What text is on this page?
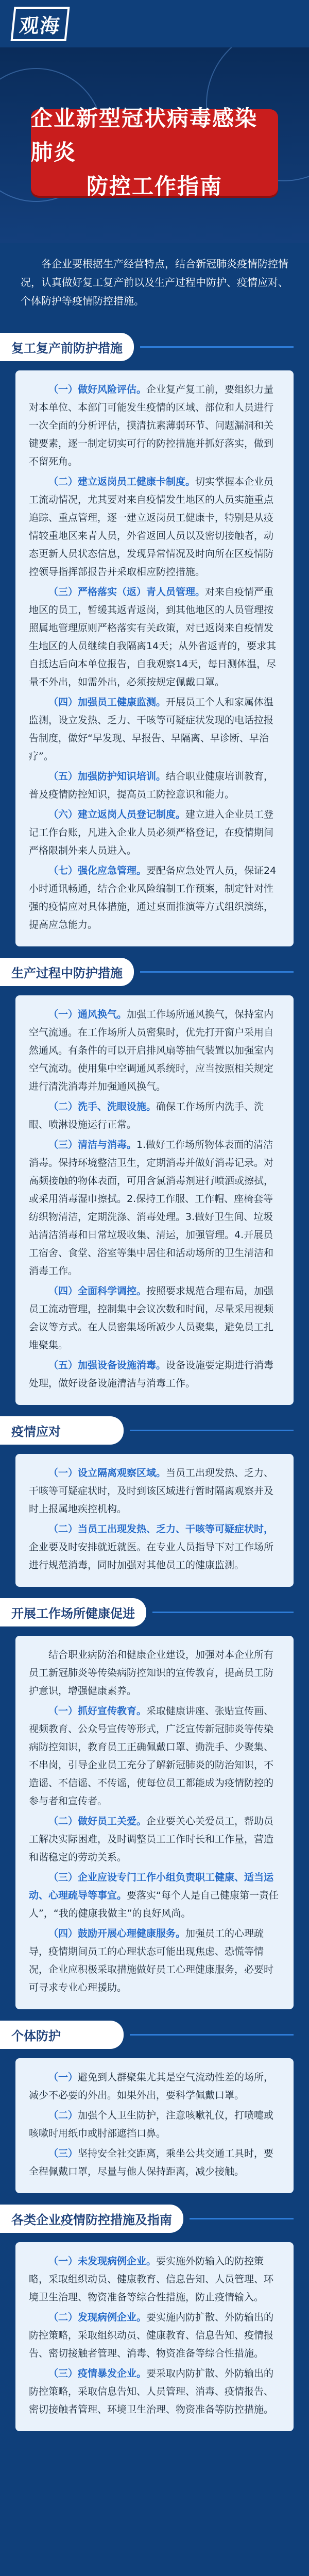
观海
企业新型冠状病毒感染肺炎
防控工作指南
各企业要根据生产经营特点，结合新冠肺炎疫情防控情况，认真做好复工复产前以及生产过程中防护、疫情应对、个体防护等疫情防控措施。
复工复产前防护措施

（一）做好风险评估。企业复产复工前，要组织力量对本单位、本部门可能发生疫情的区域、部位和人员进行一次全面的分析评估，摸清抗素薄弱环节、问题漏洞和关键要素，逐一制定切实可行的防控措施并抓好落实，做到不留死角。

（二）建立返岗员工健康卡制度。切实掌握本企业员工流动情况，尤其要对来自疫情发生地区的人员实施重点追踪、重点管理，逐一建立返岗员工健康卡，特别是从疫情较重地区来青人员，外省返回人员以及密切接触者，动态更新人员状态信息，发现异常情况及时向所在区疫情防控领导指挥部报告并采取相应防控措施。

（三）严格落实（返）青人员管理。对来自疫情严重地区的员工，暂缓其返青返岗，到其他地区的人员管理按照属地管理原则严格落实有关政策，对已返岗来自疫情发生地区的人员继续自我隔离14天；从外省返青的，要求其自抵达后向本单位报告，自我观察14天，每日测体温，尽量不外出，如需外出，必须按规定佩戴口罩。

（四）加强员工健康监测。开展员工个人和家属体温监测，设立发热、乏力、干咳等可疑症状发现的电话拉报告制度，做好“早发现、早报告、早隔离、早诊断、早治疗”。

（五）加强防护知识培训。结合职业健康培训教育，普及疫情防控知识，提高员工防控意识和能力。

（六）建立返岗人员登记制度。建立进入企业员工登记工作台账，凡进入企业人员必须严格登记，在疫情期间严格限制外来人员进入。

（七）强化应急管理。要配备应急处置人员，保证24小时通讯畅通，结合企业风险编制工作预案，制定针对性强的疫情应对具体措施，通过桌面推演等方式组织演练，提高应急能力。

生产过程中防护措施

（一）通风换气。加强工作场所通风换气，保持室内空气流通。在工作场所人员密集时，优先打开窗户采用自然通风。有条件的可以开启排风扇等抽气装置以加强室内空气流动。使用集中空调通风系统时，应当按照相关规定进行清洗消毒并加强通风换气。

（二）洗手、洗眼设施。确保工作场所内洗手、洗眼、喷淋设施运行正常。

（三）清洁与消毒。1.做好工作场所物体表面的清洁消毒。保持环境整洁卫生，定期消毒并做好消毒记录。对高频接触的物体表面，可用含氯消毒剂进行喷洒或擦拭，或采用消毒湿巾擦拭。2.保持工作服、工作帽、座椅套等纺织物清洁，定期洗涤、消毒处理。3.做好卫生间、垃圾站清洁消毒和日常垃圾收集、清运，加强管理。4.开展员工宿舍、食堂、浴室等集中居住和活动场所的卫生清洁和消毒工作。

（四）全面科学调控。按照要求规范合理布局，加强员工流动管理，控制集中会议次数和时间，尽量采用视频会议等方式。在人员密集场所减少人员聚集，避免员工扎堆聚集。

（五）加强设备设施消毒。设备设施要定期进行消毒处理，做好设备设施清洁与消毒工作。

疫情应对

（一）设立隔离观察区域。当员工出现发热、乏力、干咳等可疑症状时，及时到该区域进行暂时隔离观察并及时上报属地疾控机构。

（二）当员工出现发热、乏力、干咳等可疑症状时，企业要及时安排就近就医。在专业人员指导下对工作场所进行规范消毒，同时加强对其他员工的健康监测。

开展工作场所健康促进

结合职业病防治和健康企业建设，加强对本企业所有员工新冠肺炎等传染病防控知识的宣传教育，提高员工防护意识，增强健康素养。

（一）抓好宣传教育。采取健康讲座、张贴宣传画、视频教育、公众号宣传等形式，广泛宣传新冠肺炎等传染病防控知识，教育员工正确佩戴口罩、勤洗手、少聚集、不串岗，引导企业员工充分了解新冠肺炎的防治知识，不造谣、不信谣、不传谣，使每位员工都能成为疫情防控的参与者和宣传者。

（二）做好员工关爱。企业要关心关爱员工，帮助员工解决实际困难，及时调整员工工作时长和工作量，营造和谐稳定的劳动关系。

（三）企业应设专门工作小组负责职工健康、适当运动、心理疏导等事宜。要落实“每个人是自己健康第一责任人”，“我的健康我做主”的良好风尚。

（四）鼓励开展心理健康服务。加强员工的心理疏导，疫情期间员工的心理状态可能出现焦虑、恐慌等情况，企业应积极采取措施做好员工心理健康服务，必要时可寻求专业心理援助。

个体防护

（一）避免到人群聚集尤其是空气流动性差的场所，减少不必要的外出。如果外出，要科学佩戴口罩。

（二）加强个人卫生防护，注意咳嗽礼仪，打喷嚏或咳嗽时用纸巾或肘部遮挡口鼻。

（三）坚持安全社交距离，乘坐公共交通工具时，要全程佩戴口罩，尽量与他人保持距离，减少接触。

各类企业疫情防控措施及指南

（一）未发现病例企业。要实施外防输入的防控策略，采取组织动员、健康教育、信息告知、人员管理、环境卫生治理、物资准备等综合性措施，防止疫情输入。

（二）发现病例企业。要实施内防扩散、外防输出的防控策略，采取组织动员、健康教育、信息告知、疫情报告、密切接触者管理、消毒、物资准备等综合性措施。

（三）疫情暴发企业。要采取内防扩散、外防输出的防控策略，采取信息告知、人员管理、消毒、疫情报告、密切接触者管理、环境卫生治理、物资准备等防控措施。
